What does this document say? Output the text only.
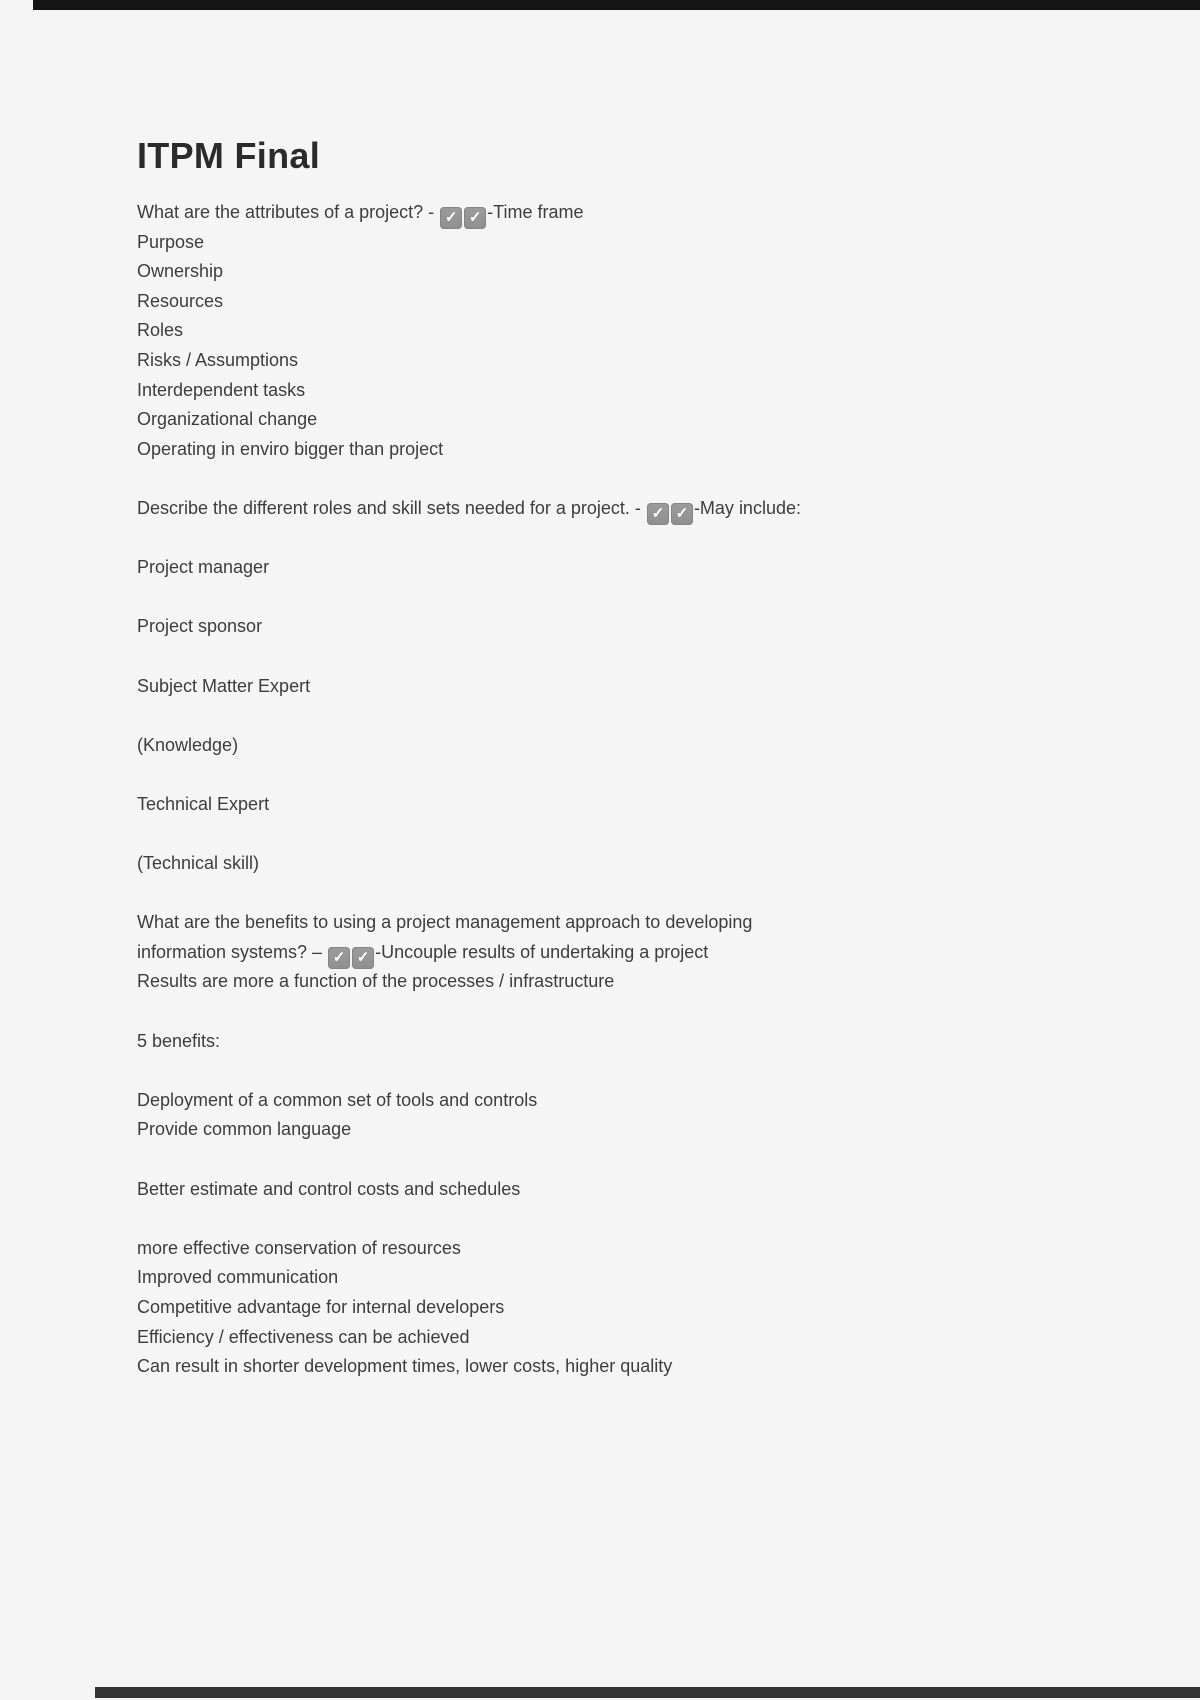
ITPM Final
What are the attributes of a project? - ✓ ✓ -Time frame
Purpose
Ownership
Resources
Roles
Risks / Assumptions
Interdependent tasks
Organizational change
Operating in enviro bigger than project
Describe the different roles and skill sets needed for a project. - ✓ ✓ -May include:
Project manager
Project sponsor
Subject Matter Expert
(Knowledge)
Technical Expert
(Technical skill)
What are the benefits to using a project management approach to developing
information systems? – ✓ ✓ -Uncouple results of undertaking a project
Results are more a function of the processes / infrastructure
5 benefits:
Deployment of a common set of tools and controls
Provide common language
Better estimate and control costs and schedules
more effective conservation of resources
Improved communication
Competitive advantage for internal developers
Efficiency / effectiveness can be achieved
Can result in shorter development times, lower costs, higher quality
